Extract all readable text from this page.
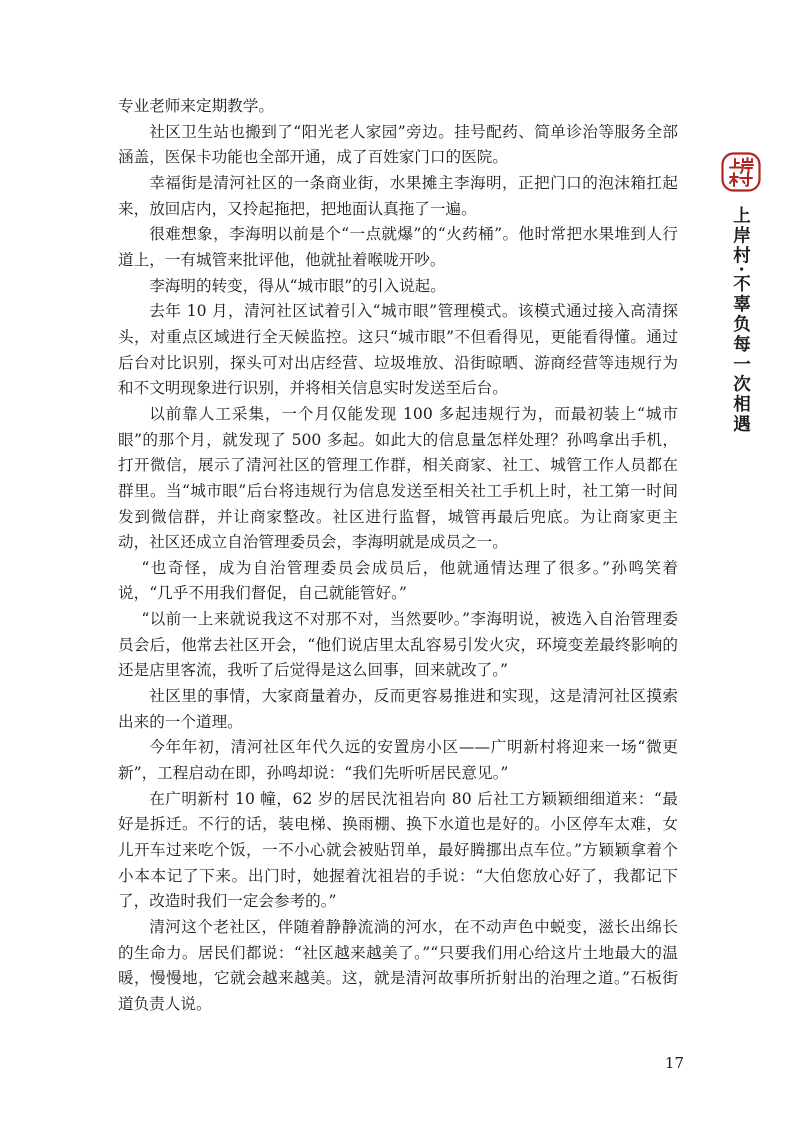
专业老师来定期教学。

社区卫生站也搬到了“阳光老人家园”旁边。挂号配药、简单诊治等服务全部涵盖，医保卡功能也全部开通，成了百姓家门口的医院。

幸福街是清河社区的一条商业街，水果摊主李海明，正把门口的泡沫箱扛起来，放回店内，又拎起拖把，把地面认真拖了一遍。

很难想象，李海明以前是个“一点就爆”的“火药桶”。他时常把水果堆到人行道上，一有城管来批评他，他就扯着喉咙开吵。

李海明的转变，得从“城市眼”的引入说起。

去年 10 月，清河社区试着引入“城市眼”管理模式。该模式通过接入高清探头，对重点区域进行全天候监控。这只“城市眼”不但看得见，更能看得懂。通过后台对比识别，探头可对出店经营、垃圾堆放、沿街晾晒、游商经营等违规行为和不文明现象进行识别，并将相关信息实时发送至后台。

以前靠人工采集，一个月仅能发现 100 多起违规行为，而最初装上“城市眼”的那个月，就发现了 500 多起。如此大的信息量怎样处理？孙鸣拿出手机，打开微信，展示了清河社区的管理工作群，相关商家、社工、城管工作人员都在群里。当“城市眼”后台将违规行为信息发送至相关社工手机上时，社工第一时间发到微信群，并让商家整改。社区进行监督，城管再最后兜底。为让商家更主动，社区还成立自治管理委员会，李海明就是成员之一。

“也奇怪，成为自治管理委员会成员后，他就通情达理了很多。”孙鸣笑着说，“几乎不用我们督促，自己就能管好。”

“以前一上来就说我这不对那不对，当然要吵。”李海明说，被选入自治管理委员会后，他常去社区开会，“他们说店里太乱容易引发火灾，环境变差最终影响的还是店里客流，我听了后觉得是这么回事，回来就改了。”

社区里的事情，大家商量着办，反而更容易推进和实现，这是清河社区摸索出来的一个道理。

今年年初，清河社区年代久远的安置房小区——广明新村将迎来一场“微更新”，工程启动在即，孙鸣却说：“我们先听听居民意见。”

在广明新村 10 幢，62 岁的居民沈祖岩向 80 后社工方颖颖细细道来：“最好是拆迁。不行的话，装电梯、换雨棚、换下水道也是好的。小区停车太难，女儿开车过来吃个饭，一不小心就会被贴罚单，最好腾挪出点车位。”方颖颖拿着个小本本记了下来。出门时，她握着沈祖岩的手说：“大伯您放心好了，我都记下了，改造时我们一定会参考的。”

清河这个老社区，伴随着静静流淌的河水，在不动声色中蜕变，滋长出绵长的生命力。居民们都说：“社区越来越美了。”“只要我们用心给这片土地最大的温暖，慢慢地，它就会越来越美。这，就是清河故事所折射出的治理之道。”石板街道负责人说。

上岸村·不辜负每一次相遇
17
